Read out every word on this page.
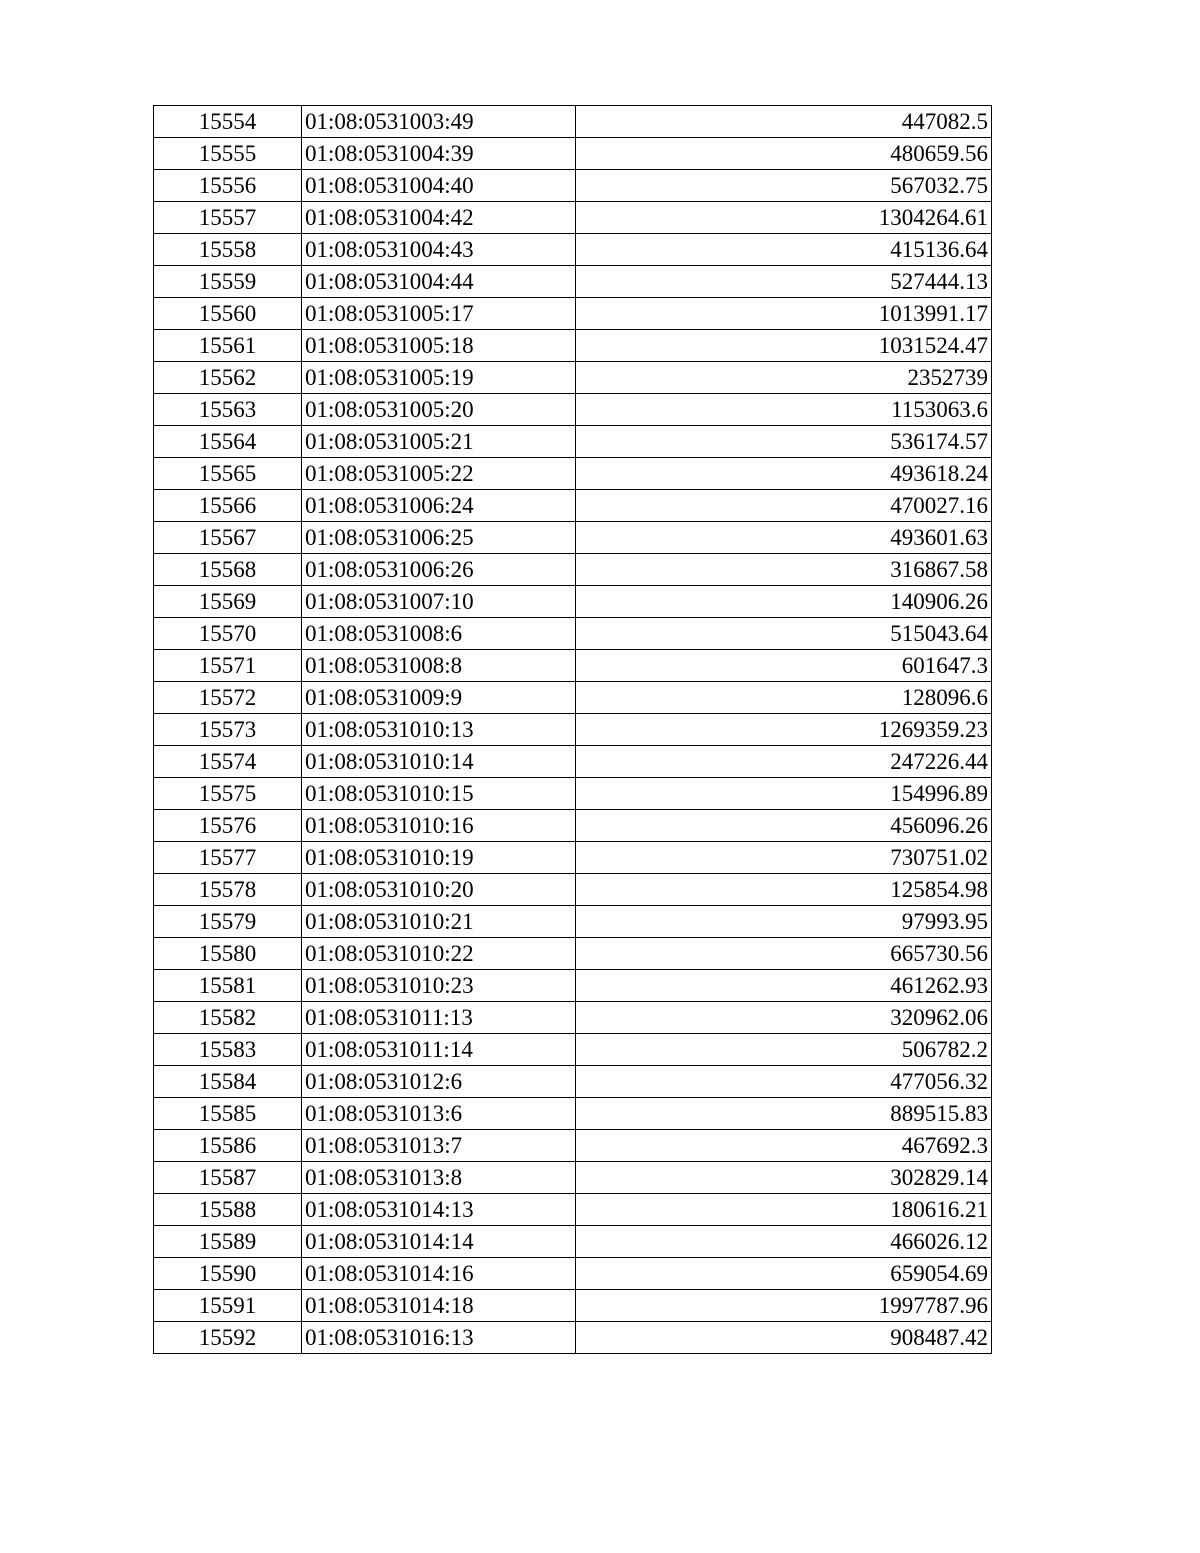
15554	01:08:0531003:49	447082.5
15555	01:08:0531004:39	480659.56
15556	01:08:0531004:40	567032.75
15557	01:08:0531004:42	1304264.61
15558	01:08:0531004:43	415136.64
15559	01:08:0531004:44	527444.13
15560	01:08:0531005:17	1013991.17
15561	01:08:0531005:18	1031524.47
15562	01:08:0531005:19	2352739
15563	01:08:0531005:20	1153063.6
15564	01:08:0531005:21	536174.57
15565	01:08:0531005:22	493618.24
15566	01:08:0531006:24	470027.16
15567	01:08:0531006:25	493601.63
15568	01:08:0531006:26	316867.58
15569	01:08:0531007:10	140906.26
15570	01:08:0531008:6	515043.64
15571	01:08:0531008:8	601647.3
15572	01:08:0531009:9	128096.6
15573	01:08:0531010:13	1269359.23
15574	01:08:0531010:14	247226.44
15575	01:08:0531010:15	154996.89
15576	01:08:0531010:16	456096.26
15577	01:08:0531010:19	730751.02
15578	01:08:0531010:20	125854.98
15579	01:08:0531010:21	97993.95
15580	01:08:0531010:22	665730.56
15581	01:08:0531010:23	461262.93
15582	01:08:0531011:13	320962.06
15583	01:08:0531011:14	506782.2
15584	01:08:0531012:6	477056.32
15585	01:08:0531013:6	889515.83
15586	01:08:0531013:7	467692.3
15587	01:08:0531013:8	302829.14
15588	01:08:0531014:13	180616.21
15589	01:08:0531014:14	466026.12
15590	01:08:0531014:16	659054.69
15591	01:08:0531014:18	1997787.96
15592	01:08:0531016:13	908487.42
